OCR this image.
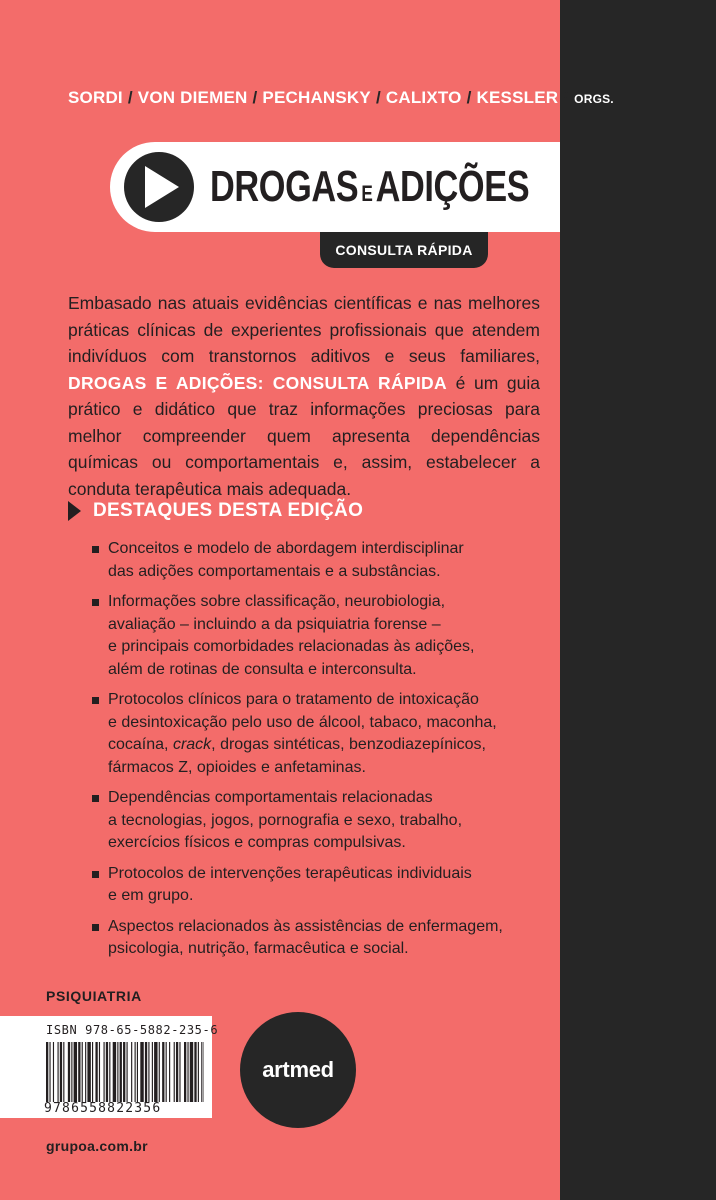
SORDI / VON DIEMEN / PECHANSKY / CALIXTO / KESSLER / ORGS.
DROGAS EADIÇÕES
CONSULTA RÁPIDA
Embasado nas atuais evidências científicas e nas melhores práticas clínicas de experientes profissionais que atendem indivíduos com transtornos aditivos e seus familiares, DROGAS E ADIÇÕES: CONSULTA RÁPIDA é um guia prático e didático que traz informações preciosas para melhor compreender quem apresenta dependências químicas ou comportamentais e, assim, estabelecer a conduta terapêutica mais adequada.
DESTAQUES DESTA EDIÇÃO
Conceitos e modelo de abordagem interdisciplinar
das adições comportamentais e a substâncias.
Informações sobre classificação, neurobiologia,
avaliação – incluindo a da psiquiatria forense –
e principais comorbidades relacionadas às adições,
além de rotinas de consulta e interconsulta.
Protocolos clínicos para o tratamento de intoxicação
e desintoxicação pelo uso de álcool, tabaco, maconha,
cocaína, crack, drogas sintéticas, benzodiazepínicos,
fármacos Z, opioides e anfetaminas.
Dependências comportamentais relacionadas
a tecnologias, jogos, pornografia e sexo, trabalho,
exercícios físicos e compras compulsivas.
Protocolos de intervenções terapêuticas individuais
e em grupo.
Aspectos relacionados às assistências de enfermagem,
psicologia, nutrição, farmacêutica e social.
PSIQUIATRIA
ISBN 978-65-5882-235-6
9786558822356
artmed
grupoa.com.br
